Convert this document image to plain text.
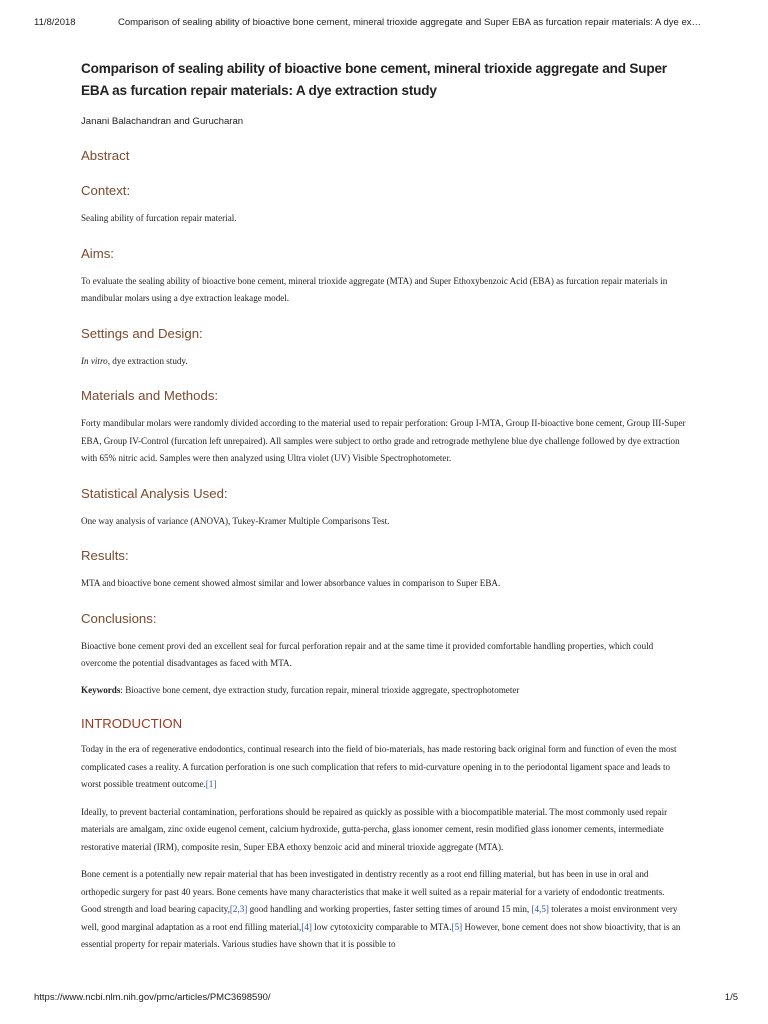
11/8/2018	Comparison of sealing ability of bioactive bone cement, mineral trioxide aggregate and Super EBA as furcation repair materials: A dye ex…
Comparison of sealing ability of bioactive bone cement, mineral trioxide aggregate and Super EBA as furcation repair materials: A dye extraction study
Janani Balachandran and Gurucharan
Abstract
Context:

Sealing ability of furcation repair material.

Aims:

To evaluate the sealing ability of bioactive bone cement, mineral trioxide aggregate (MTA) and Super Ethoxybenzoic Acid (EBA) as furcation repair materials in mandibular molars using a dye extraction leakage model.

Settings and Design:

In vitro, dye extraction study.

Materials and Methods:

Forty mandibular molars were randomly divided according to the material used to repair perforation: Group I-MTA, Group II-bioactive bone cement, Group III-Super EBA, Group IV-Control (furcation left unrepaired). All samples were subject to ortho grade and retrograde methylene blue dye challenge followed by dye extraction with 65% nitric acid. Samples were then analyzed using Ultra violet (UV) Visible Spectrophotometer.

Statistical Analysis Used:

One way analysis of variance (ANOVA), Tukey-Kramer Multiple Comparisons Test.

Results:

MTA and bioactive bone cement showed almost similar and lower absorbance values in comparison to Super EBA.

Conclusions:

Bioactive bone cement provi ded an excellent seal for furcal perforation repair and at the same time it provided comfortable handling properties, which could overcome the potential disadvantages as faced with MTA.

Keywords: Bioactive bone cement, dye extraction study, furcation repair, mineral trioxide aggregate, spectrophotometer

INTRODUCTION

Today in the era of regenerative endodontics, continual research into the field of bio-materials, has made restoring back original form and function of even the most complicated cases a reality. A furcation perforation is one such complication that refers to mid-curvature opening in to the periodontal ligament space and leads to worst possible treatment outcome.[1]

Ideally, to prevent bacterial contamination, perforations should be repaired as quickly as possible with a biocompatible material. The most commonly used repair materials are amalgam, zinc oxide eugenol cement, calcium hydroxide, gutta-percha, glass ionomer cement, resin modified glass ionomer cements, intermediate restorative material (IRM), composite resin, Super EBA ethoxy benzoic acid and mineral trioxide aggregate (MTA).

Bone cement is a potentially new repair material that has been investigated in dentistry recently as a root end filling material, but has been in use in oral and orthopedic surgery for past 40 years. Bone cements have many characteristics that make it well suited as a repair material for a variety of endodontic treatments. Good strength and load bearing capacity,[2,3] good handling and working properties, faster setting times of around 15 min, [4,5] tolerates a moist environment very well, good marginal adaptation as a root end filling material,[4] low cytotoxicity comparable to MTA.[5] However, bone cement does not show bioactivity, that is an essential property for repair materials. Various studies have shown that it is possible to

https://www.ncbi.nlm.nih.gov/pmc/articles/PMC3698590/	1/5
